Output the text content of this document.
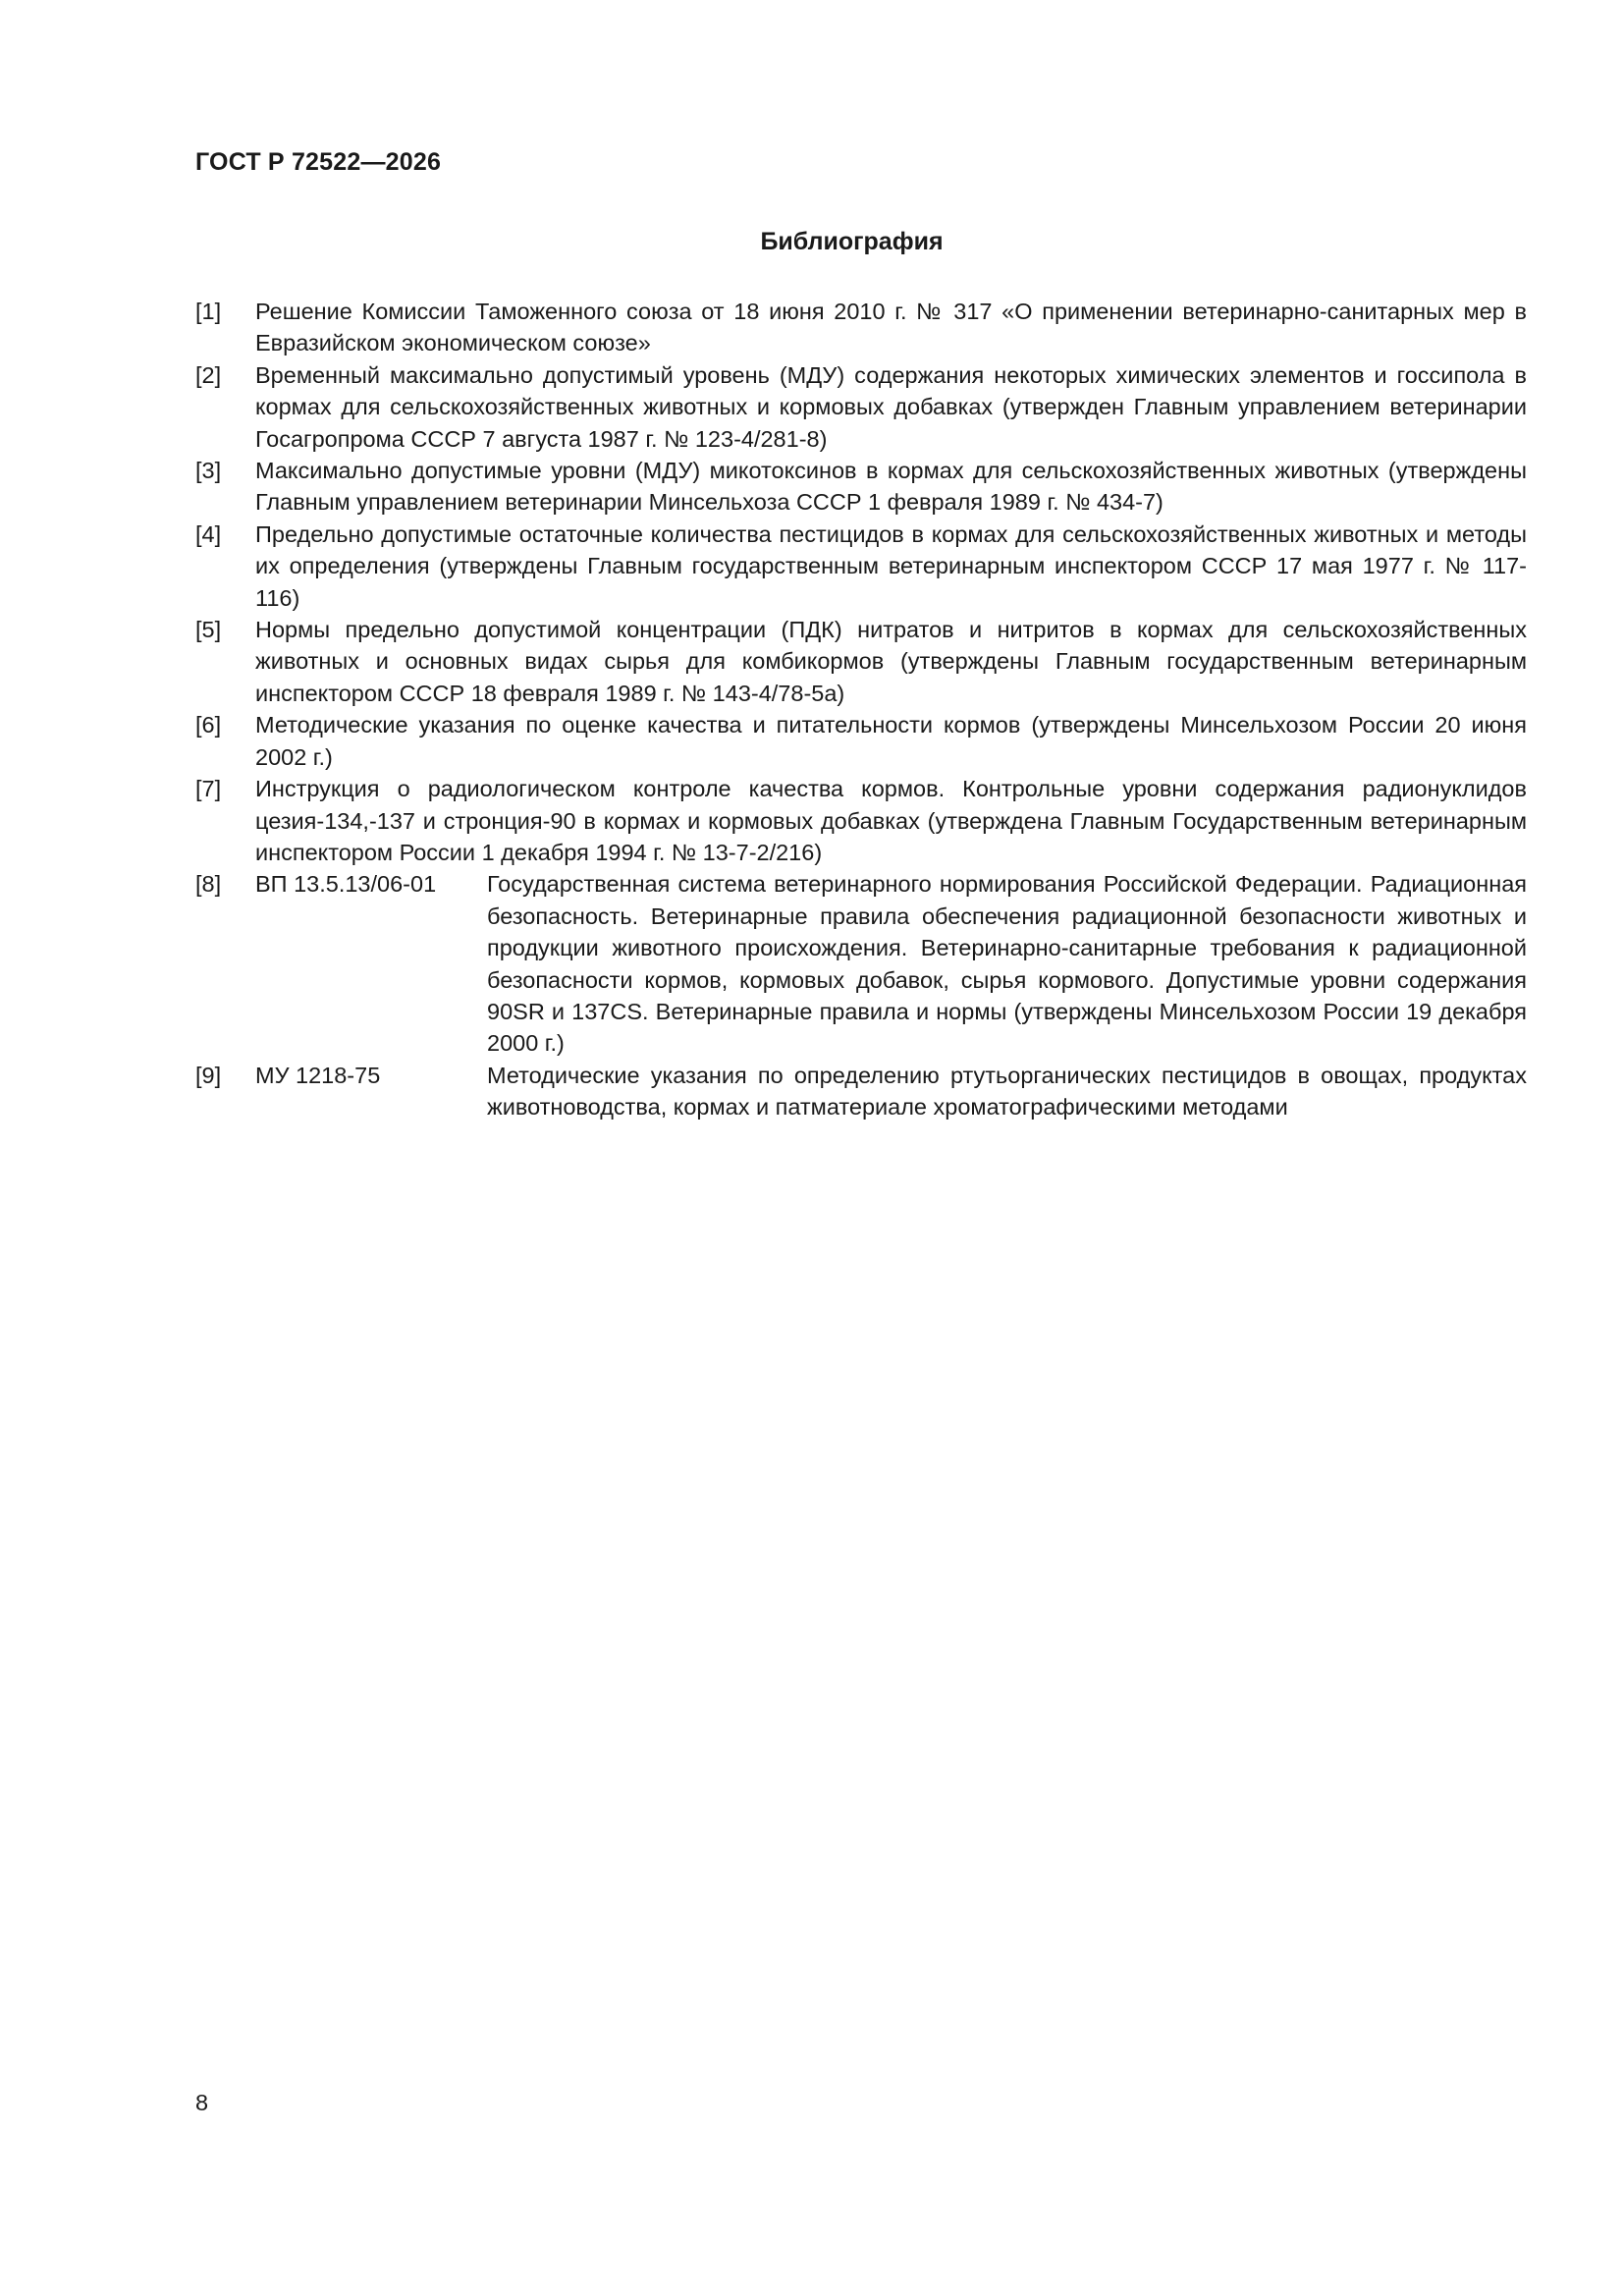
ГОСТ Р 72522—2026
Библиография
[1]	Решение Комиссии Таможенного союза от 18 июня 2010 г. № 317 «О применении ветеринарно-санитарных мер в Евразийском экономическом союзе»
[2]	Временный максимально допустимый уровень (МДУ) содержания некоторых химических элементов и госсипола в кормах для сельскохозяйственных животных и кормовых добавках (утвержден Главным управлением ветеринарии Госагропрома СССР 7 августа 1987 г. № 123-4/281-8)
[3]	Максимально допустимые уровни (МДУ) микотоксинов в кормах для сельскохозяйственных животных (утверждены Главным управлением ветеринарии Минсельхоза СССР 1 февраля 1989 г. № 434-7)
[4]	Предельно допустимые остаточные количества пестицидов в кормах для сельскохозяйственных животных и методы их определения (утверждены Главным государственным ветеринарным инспектором СССР 17 мая 1977 г. № 117-116)
[5]	Нормы предельно допустимой концентрации (ПДК) нитратов и нитритов в кормах для сельскохозяйственных животных и основных видах сырья для комбикормов (утверждены Главным государственным ветеринарным инспектором СССР 18 февраля 1989 г. № 143-4/78-5а)
[6]	Методические указания по оценке качества и питательности кормов (утверждены Минсельхозом России 20 июня 2002 г.)
[7]	Инструкция о радиологическом контроле качества кормов. Контрольные уровни содержания радионуклидов цезия-134,-137 и стронция-90 в кормах и кормовых добавках (утверждена Главным Государственным ветеринарным инспектором России 1 декабря 1994 г. № 13-7-2/216)
[8]	ВП 13.5.13/06-01	Государственная система ветеринарного нормирования Российской Федерации. Радиационная безопасность. Ветеринарные правила обеспечения радиационной безопасности животных и продукции животного происхождения. Ветеринарно-санитарные требования к радиационной безопасности кормов, кормовых добавок, сырья кормового. Допустимые уровни содержания 90SR и 137CS. Ветеринарные правила и нормы (утверждены Минсельхозом России 19 декабря 2000 г.)
[9]	МУ 1218-75	Методические указания по определению ртутьорганических пестицидов в овощах, продуктах животноводства, кормах и патматериале хроматографическими методами
8
